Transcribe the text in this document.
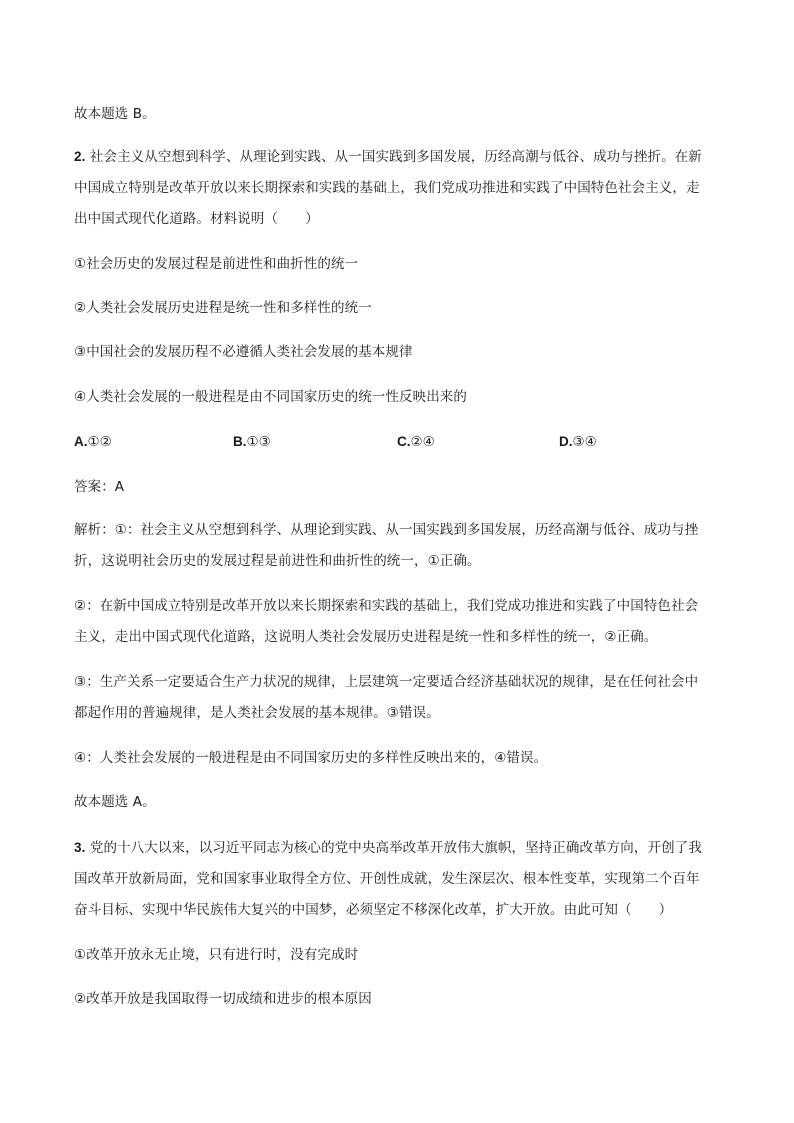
故本题选 B。
2. 社会主义从空想到科学、从理论到实践、从一国实践到多国发展，历经高潮与低谷、成功与挫折。在新
中国成立特别是改革开放以来长期探索和实践的基础上，我们党成功推进和实践了中国特色社会主义，走
出中国式现代化道路。材料说明（　　）
①社会历史的发展过程是前进性和曲折性的统一
②人类社会发展历史进程是统一性和多样性的统一
③中国社会的发展历程不必遵循人类社会发展的基本规律
④人类社会发展的一般进程是由不同国家历史的统一性反映出来的
A.①②	B.①③	C.②④	D.③④
答案：A
解析：①：社会主义从空想到科学、从理论到实践、从一国实践到多国发展，历经高潮与低谷、成功与挫
折，这说明社会历史的发展过程是前进性和曲折性的统一，①正确。
②：在新中国成立特别是改革开放以来长期探索和实践的基础上，我们党成功推进和实践了中国特色社会
主义，走出中国式现代化道路，这说明人类社会发展历史进程是统一性和多样性的统一，②正确。
③：生产关系一定要适合生产力状况的规律，上层建筑一定要适合经济基础状况的规律，是在任何社会中
都起作用的普遍规律，是人类社会发展的基本规律。③错误。
④：人类社会发展的一般进程是由不同国家历史的多样性反映出来的，④错误。
故本题选 A。
3. 党的十八大以来，以习近平同志为核心的党中央高举改革开放伟大旗帜，坚持正确改革方向，开创了我
国改革开放新局面，党和国家事业取得全方位、开创性成就，发生深层次、根本性变革，实现第二个百年
奋斗目标、实现中华民族伟大复兴的中国梦，必须坚定不移深化改革，扩大开放。由此可知（　　）
①改革开放永无止境，只有进行时，没有完成时
②改革开放是我国取得一切成绩和进步的根本原因
